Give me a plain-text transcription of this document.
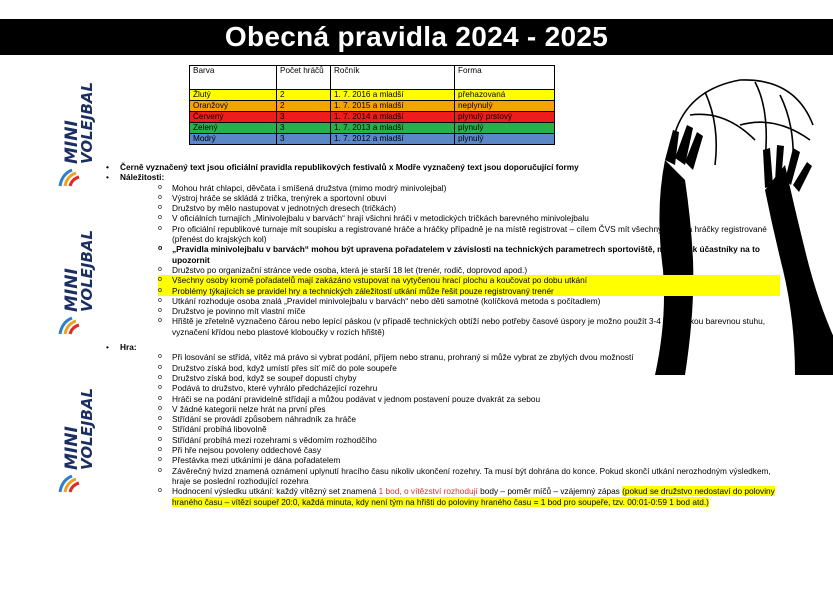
Obecná pravidla 2024 - 2025
MINI
VOLEJBAL
MINI
VOLEJBAL
MINI
VOLEJBAL
Barva	Počet hráčů	Ročník	Forma
Žlutý	2	1. 7. 2016 a mladší	přehazovaná
Oranžový	2	1. 7. 2015 a mladší	neplynulý
Červený	3	1. 7. 2014 a mladší	plynulý prstový
Zelený	3	1. 7. 2013 a mladší	plynulý
Modrý	3	1. 7. 2012 a mladší	plynulý
• Černě vyznačený text jsou oficiální pravidla republikových festivalů x Modře vyznačený text jsou doporučující formy
• Náležitosti:
o Mohou hrát chlapci, děvčata i smíšená družstva (mimo modrý minivolejbal)
o Výstroj hráče se skládá z trička, trenýrek a sportovní obuvi
o Družstvo by mělo nastupovat v jednotných dresech (tričkách)
o V oficiálních turnajích „Minivolejbalu v barvách“ hrají všichni hráči v metodických tričkách barevného minivolejbalu
o Pro oficiální republikové turnaje mít soupisku a registrované hráče a hráčky případně je na místě registrovat – cílem ČVS mít všechny hráče a hráčky registrované (přenést do krajských kol)
o „Pravidla minivolejbalu v barvách“ mohou být upravena pořadatelem v závislosti na technických parametrech sportoviště, musí však účastníky na to upozornit
o Družstvo po organizační stránce vede osoba, která je starší 18 let (trenér, rodič, doprovod apod.)
o Všechny osoby kromě pořadatelů mají zakázáno vstupovat na vytyčenou hrací plochu a koučovat po dobu utkání
o Problémy týkajících se pravidel hry a technických záležitostí utkání může řešit pouze registrovaný trenér
o Utkání rozhoduje osoba znalá „Pravidel minivolejbalu v barvách“ nebo děti samotné (kolíčková metoda s počítadlem)
o Družstvo je povinno mít vlastní míče
o Hřiště je zřetelně vyznačeno čárou nebo lepící páskou (v případě technických obtíží nebo potřeby časové úspory je možno použít 3-4 cm širokou barevnou stuhu, vyznačení křídou nebo plastové kloboučky v rozích hřiště)
• Hra:
o Při losování se střídá, vítěz má právo si vybrat podání, příjem nebo stranu, prohraný si může vybrat ze zbylých dvou možností
o Družstvo získá bod, když umístí přes síť míč do pole soupeře
o Družstvo získá bod, když se soupeř dopustí chyby
o Podává to družstvo, které vyhrálo předcházející rozehru
o Hráči se na podání pravidelně střídají a můžou podávat v jednom postavení pouze dvakrát za sebou
o V žádné kategorii nelze hrát na první přes
o Střídání se provádí způsobem náhradník za hráče
o Střídání probíhá libovolně
o Střídání probíhá mezi rozehrami s vědomím rozhodčího
o Při hře nejsou povoleny oddechové časy
o Přestávka mezi utkáními je dána pořadatelem
o Závěrečný hvizd znamená oznámení uplynutí hracího času nikoliv ukončení rozehry. Ta musí být dohrána do konce. Pokud skončí utkání nerozhodným výsledkem, hraje se poslední rozhodující rozehra
o Hodnocení výsledku utkání: každý vítězný set znamená 1 bod, o vítězství rozhodují body – poměr míčů – vzájemný zápas (pokud se družstvo nedostaví do poloviny hraného času – vítězí soupeř 20:0, každá minuta, kdy není tým na hřišti do poloviny hraného času = 1 bod pro soupeře, tzv. 00:01-0:59 1 bod atd.)
